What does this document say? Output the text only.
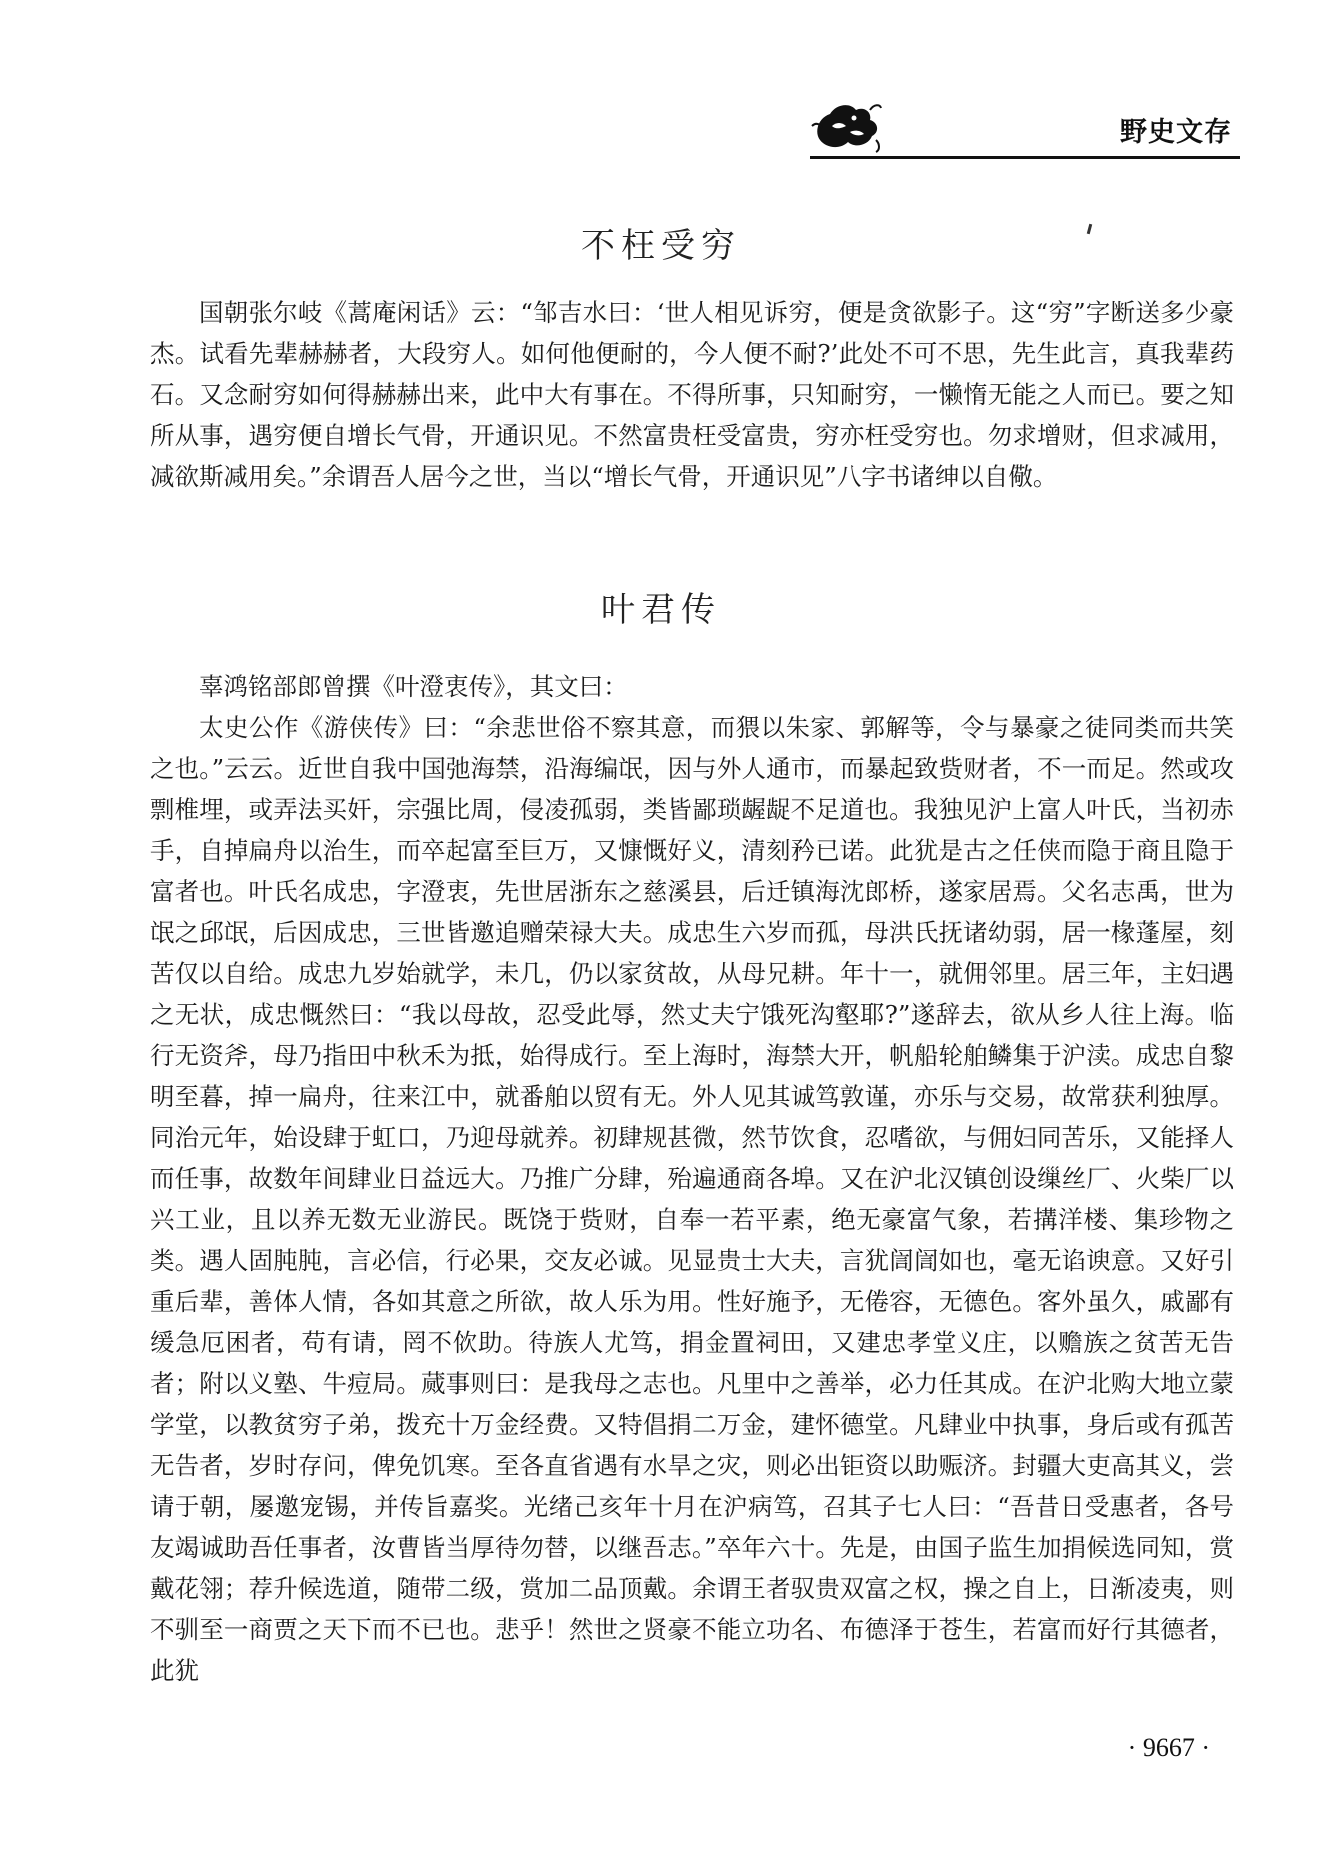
野史文存
不枉受穷

国朝张尔岐《蒿庵闲话》云：“邹吉水曰：‘世人相见诉穷，便是贪欲影子。这“穷”字断送多少豪杰。试看先辈赫赫者，大段穷人。如何他便耐的，今人便不耐?’此处不可不思，先生此言，真我辈药石。又念耐穷如何得赫赫出来，此中大有事在。不得所事，只知耐穷，一懒惰无能之人而已。要之知所从事，遇穷便自增长气骨，开通识见。不然富贵枉受富贵，穷亦枉受穷也。勿求增财，但求减用，减欲斯减用矣。”余谓吾人居今之世，当以“增长气骨，开通识见”八字书诸绅以自儆。

叶君传

辜鸿铭部郎曾撰《叶澄衷传》，其文曰：

太史公作《游侠传》曰：“余悲世俗不察其意，而猥以朱家、郭解等，令与暴豪之徒同类而共笑之也。”云云。近世自我中国弛海禁，沿海编氓，因与外人通市，而暴起致赀财者，不一而足。然或攻剽椎埋，或弄法买奸，宗强比周，侵凌孤弱，类皆鄙琐龌龊不足道也。我独见沪上富人叶氏，当初赤手，自掉扁舟以治生，而卒起富至巨万，又慷慨好义，清刻矜已诺。此犹是古之任侠而隐于商且隐于富者也。叶氏名成忠，字澄衷，先世居浙东之慈溪县，后迁镇海沈郎桥，遂家居焉。父名志禹，世为氓之邱氓，后因成忠，三世皆邀追赠荣禄大夫。成忠生六岁而孤，母洪氏抚诸幼弱，居一椽蓬屋，刻苦仅以自给。成忠九岁始就学，未几，仍以家贫故，从母兄耕。年十一，就佣邻里。居三年，主妇遇之无状，成忠慨然曰：“我以母故，忍受此辱，然丈夫宁饿死沟壑耶?”遂辞去，欲从乡人往上海。临行无资斧，母乃指田中秋禾为抵，始得成行。至上海时，海禁大开，帆船轮舶鳞集于沪渎。成忠自黎明至暮，掉一扁舟，往来江中，就番舶以贸有无。外人见其诚笃敦谨，亦乐与交易，故常获利独厚。同治元年，始设肆于虹口，乃迎母就养。初肆规甚微，然节饮食，忍嗜欲，与佣妇同苦乐，又能择人而任事，故数年间肆业日益远大。乃推广分肆，殆遍通商各埠。又在沪北汉镇创设缫丝厂、火柴厂以兴工业，且以养无数无业游民。既饶于赀财，自奉一若平素，绝无豪富气象，若搆洋楼、集珍物之类。遇人固肫肫，言必信，行必果，交友必诚。见显贵士大夫，言犹訚訚如也，毫无谄谀意。又好引重后辈，善体人情，各如其意之所欲，故人乐为用。性好施予，无倦容，无德色。客外虽久，戚鄙有缓急厄困者，苟有请，罔不佽助。待族人尤笃，捐金置祠田，又建忠孝堂义庄，以赡族之贫苦无告者；附以义塾、牛痘局。蒇事则曰：是我母之志也。凡里中之善举，必力任其成。在沪北购大地立蒙学堂，以教贫穷子弟，拨充十万金经费。又特倡捐二万金，建怀德堂。凡肆业中执事，身后或有孤苦无告者，岁时存问，俾免饥寒。至各直省遇有水旱之灾，则必出钜资以助赈济。封疆大吏高其义，尝请于朝，屡邀宠锡，并传旨嘉奖。光绪己亥年十月在沪病笃，召其子七人曰：“吾昔日受惠者，各号友竭诚助吾任事者，汝曹皆当厚待勿替，以继吾志。”卒年六十。先是，由国子监生加捐候选同知，赏戴花翎；荐升候选道，随带二级，赏加二品顶戴。余谓王者驭贵双富之权，操之自上，日渐凌夷，则不驯至一商贾之天下而不已也。悲乎！然世之贤豪不能立功名、布德泽于苍生，若富而好行其德者，此犹

· 9667 ·
